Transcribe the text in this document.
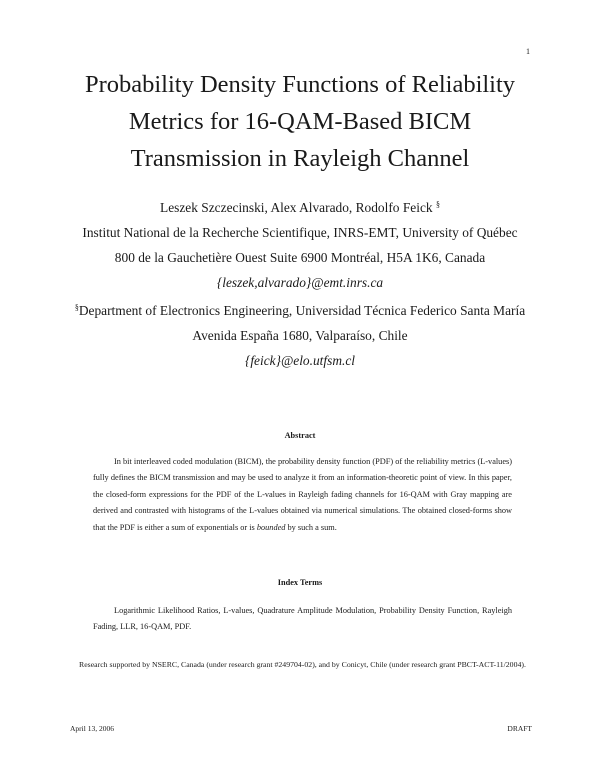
1
Probability Density Functions of Reliability
Metrics for 16-QAM-Based BICM
Transmission in Rayleigh Channel
Leszek Szczecinski, Alex Alvarado, Rodolfo Feick §
Institut National de la Recherche Scientifique, INRS-EMT, University of Québec
800 de la Gauchetière Ouest Suite 6900 Montréal, H5A 1K6, Canada
{leszek,alvarado}@emt.inrs.ca
§Department of Electronics Engineering, Universidad Técnica Federico Santa María
Avenida España 1680, Valparaíso, Chile
{feick}@elo.utfsm.cl
Abstract

In bit interleaved coded modulation (BICM), the probability density function (PDF) of the reliability metrics (L-values) fully defines the BICM transmission and may be used to analyze it from an information-theoretic point of view. In this paper, the closed-form expressions for the PDF of the L-values in Rayleigh fading channels for 16-QAM with Gray mapping are derived and contrasted with histograms of the L-values obtained via numerical simulations. The obtained closed-forms show that the PDF is either a sum of exponentials or is bounded by such a sum.

Index Terms

Logarithmic Likelihood Ratios, L-values, Quadrature Amplitude Modulation, Probability Density Function, Rayleigh Fading, LLR, 16-QAM, PDF.

Research supported by NSERC, Canada (under research grant #249704-02), and by Conicyt, Chile (under research grant PBCT-ACT-11/2004).

April 13, 2006	DRAFT
